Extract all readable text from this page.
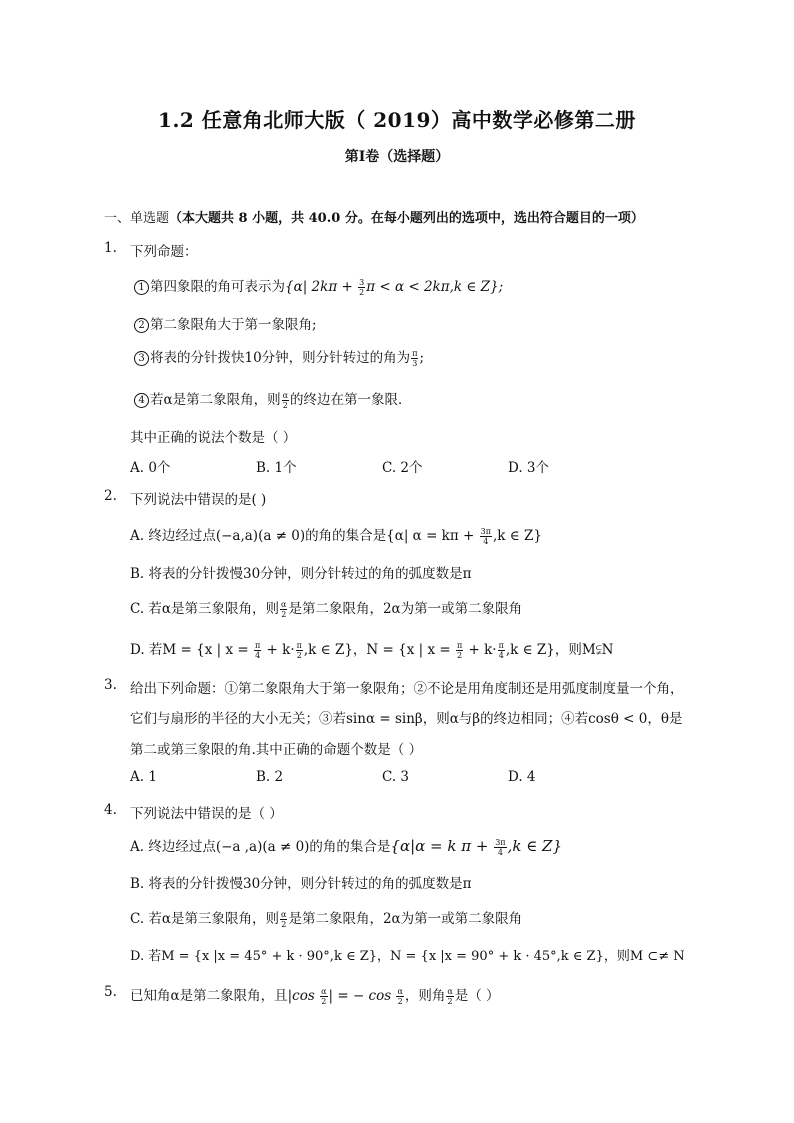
1.2 任意角北师大版（ 2019）高中数学必修第二册
第Ⅰ卷（选择题）
一、单选题（本大题共 8 小题，共 40.0 分。在每小题列出的选项中，选出符合题目的一项）
1. 下列命题：
1 第四象限的角可表示为{α| $2k\pi + \frac{3}{2}$ π < α < 2kπ,k ∈ Z};
2 第二象限角大于第一象限角;
3 将表的分针拨快10分钟，则分针转过的角为 $\frac{\pi}{3}$ ;
4 若α是第二象限角，则 $\frac{\alpha}{2}$ 的终边在第一象限．
其中正确的说法个数是（ ）
A. 0个	B. 1个	C. 2个	D. 3个
2. 下列说法中错误的是( )
A. 终边经过点(−a,a)(a ≠ 0)的角的集合是{α| $\alpha = k\pi + \frac{3\pi}{4} ,k$ ∈ Z}
B. 将表的分针拨慢30分钟，则分针转过的角的弧度数是π
C. 若α是第三象限角，则 $\frac{\alpha}{2}$ 是第二象限角，2α为第一或第二象限角
D. 若M = {x | $x = \frac{\pi}{4} + k\cdot \frac{\pi}{2} ,k$ ∈ Z}，N = {x | $x = \frac{\pi}{2} + k\cdot \frac{\pi}{4} ,k$ ∈ Z}，则M⫋N
3. 给出下列命题：①第二象限角大于第一象限角；②不论是用角度制还是用弧度制度量一个角，
它们与扇形的半径的大小无关；③若sinα = sinβ，则α与β的终边相同；④若cosθ < 0，θ是
第二或第三象限的角.其中正确的命题个数是（ ）
A. 1	B. 2	C. 3	D. 4
4. 下列说法中错误的是（ ）
A. 终边经过点(−a ,a)(a ≠ 0)的角的集合是{α|α = k $\pi + \frac{3\pi}{4} ,k$ ∈ Z}
B. 将表的分针拨慢30分钟，则分针转过的角的弧度数是π
C. 若α是第三象限角，则 $\frac{\alpha}{2}$ 是第二象限角，2α为第一或第二象限角
D. 若M = {x |x = 45° + k · 90°,k ∈ Z}，N = {x |x = 90° + k · 45°,k ∈ Z}，则M ⊂≠ N
5. 已知角α是第二象限角，且$|\cos \frac{\alpha}{2}$ | = − $\cos \frac{\alpha}{2}$ ，则角 $\frac{\alpha}{2}$ 是（ ）
